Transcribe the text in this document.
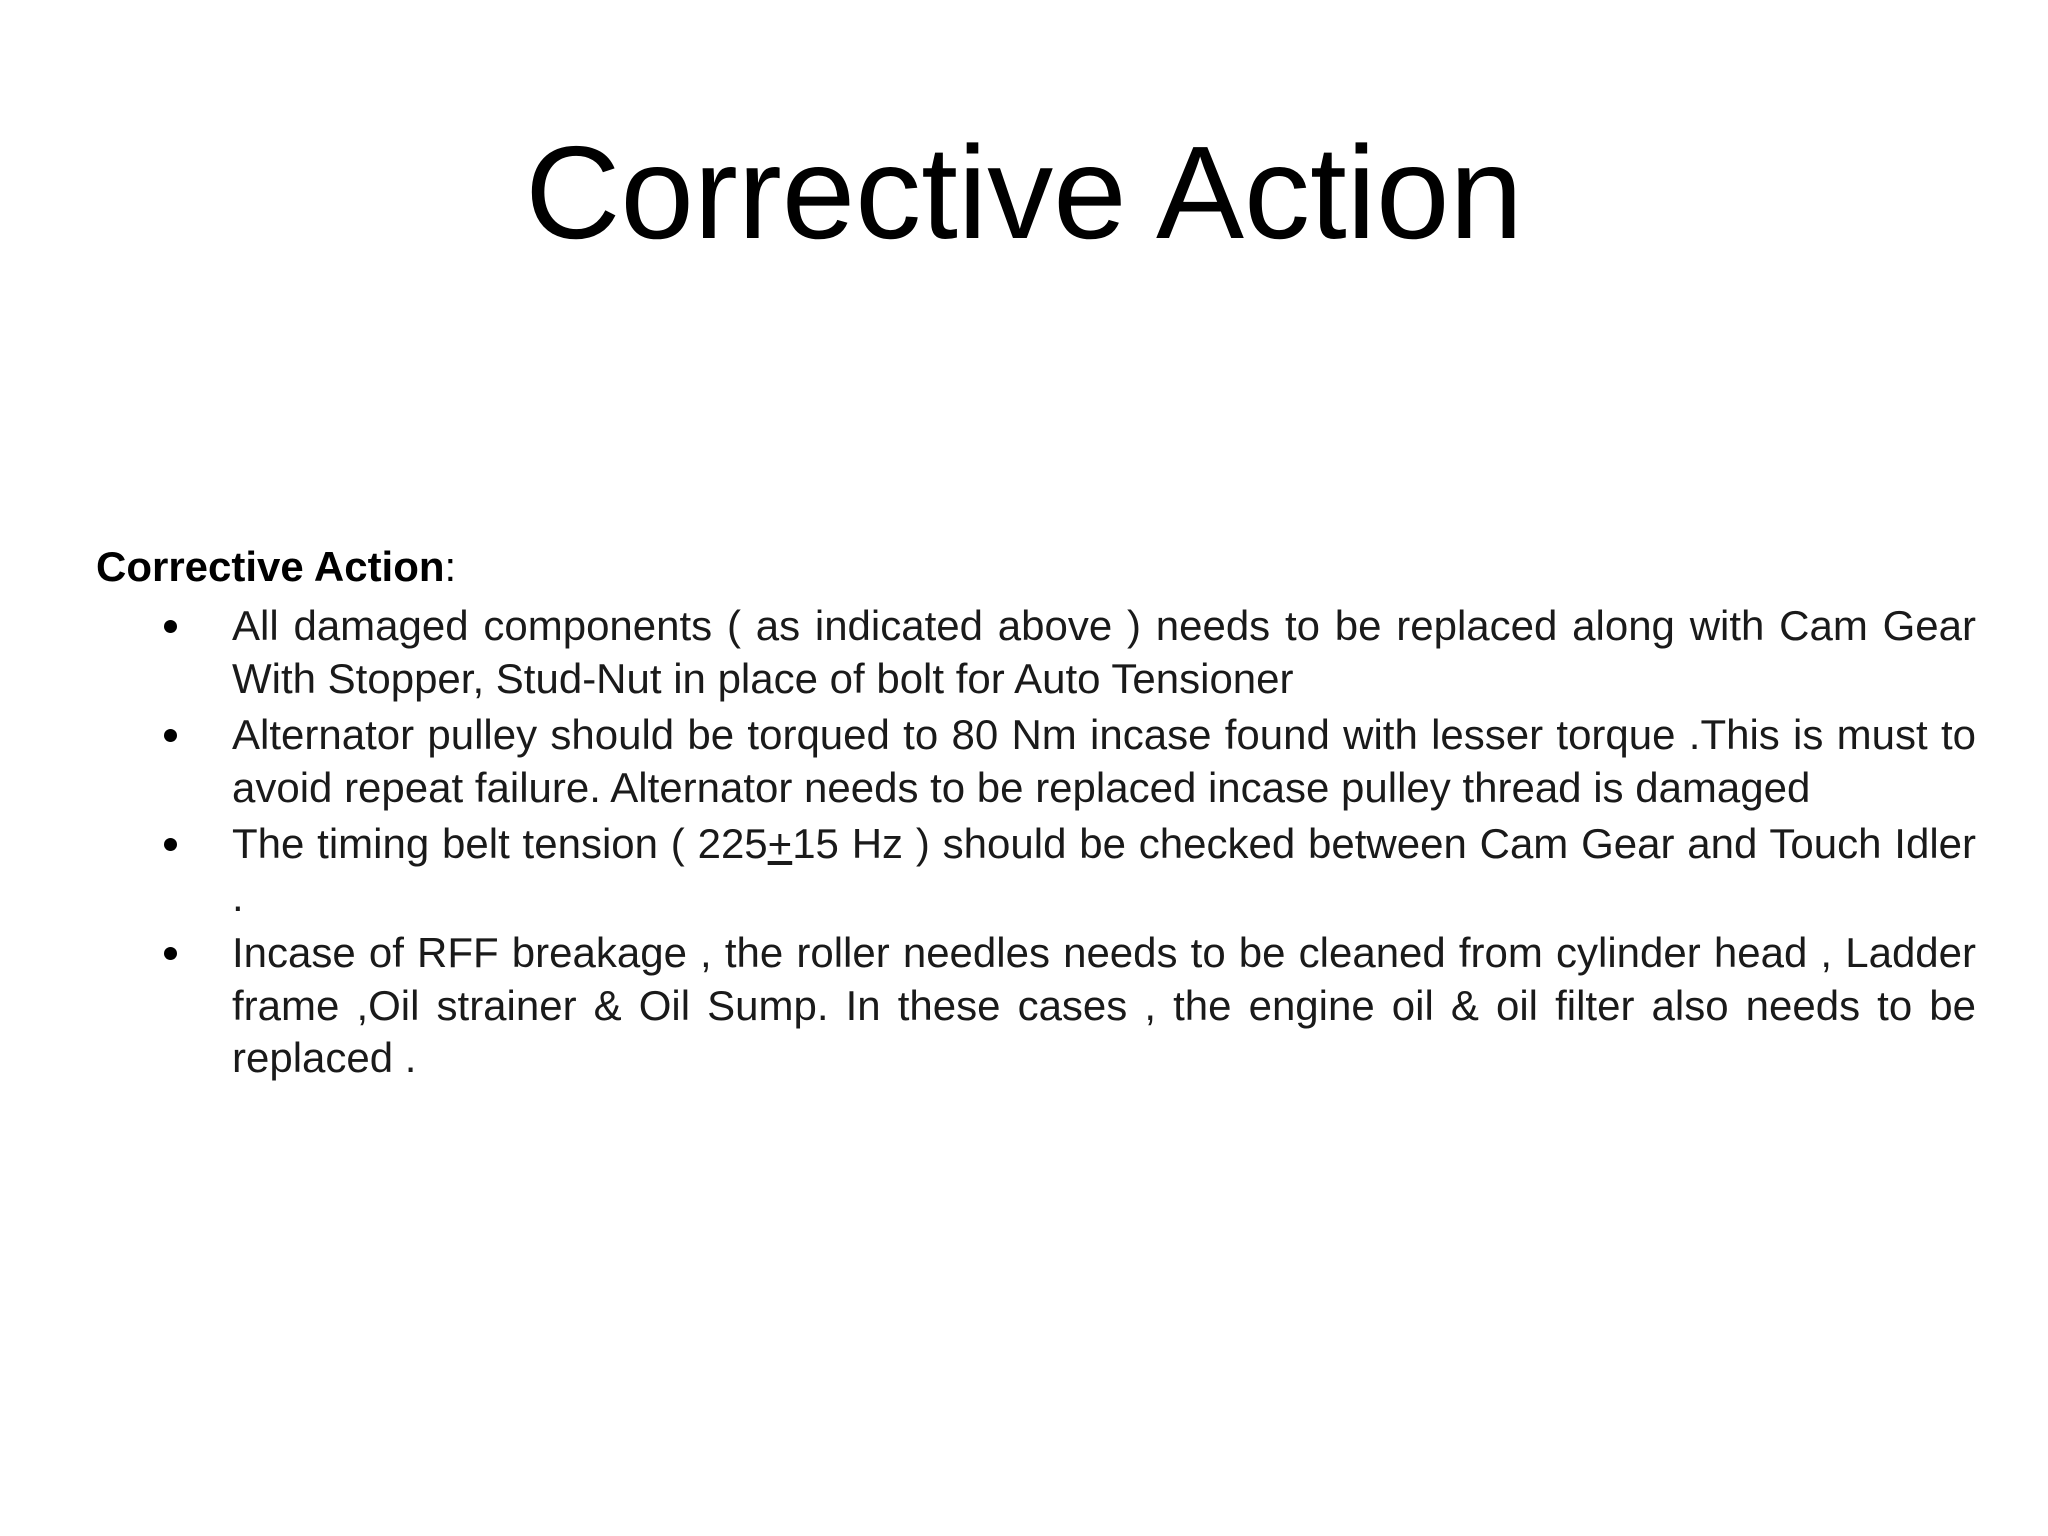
Corrective Action

Corrective Action:

All damaged components ( as indicated above ) needs to be replaced along with Cam Gear With Stopper, Stud-Nut in place of bolt for Auto Tensioner
Alternator pulley should be torqued to 80 Nm incase found with lesser torque .This is must to avoid repeat failure. Alternator needs to be replaced incase pulley thread is damaged
The timing belt tension ( 225+15 Hz ) should be checked between Cam Gear and Touch Idler .
Incase of RFF breakage , the roller needles needs to be cleaned from cylinder head , Ladder frame ,Oil strainer & Oil Sump. In these cases , the engine oil & oil filter also needs to be replaced .
